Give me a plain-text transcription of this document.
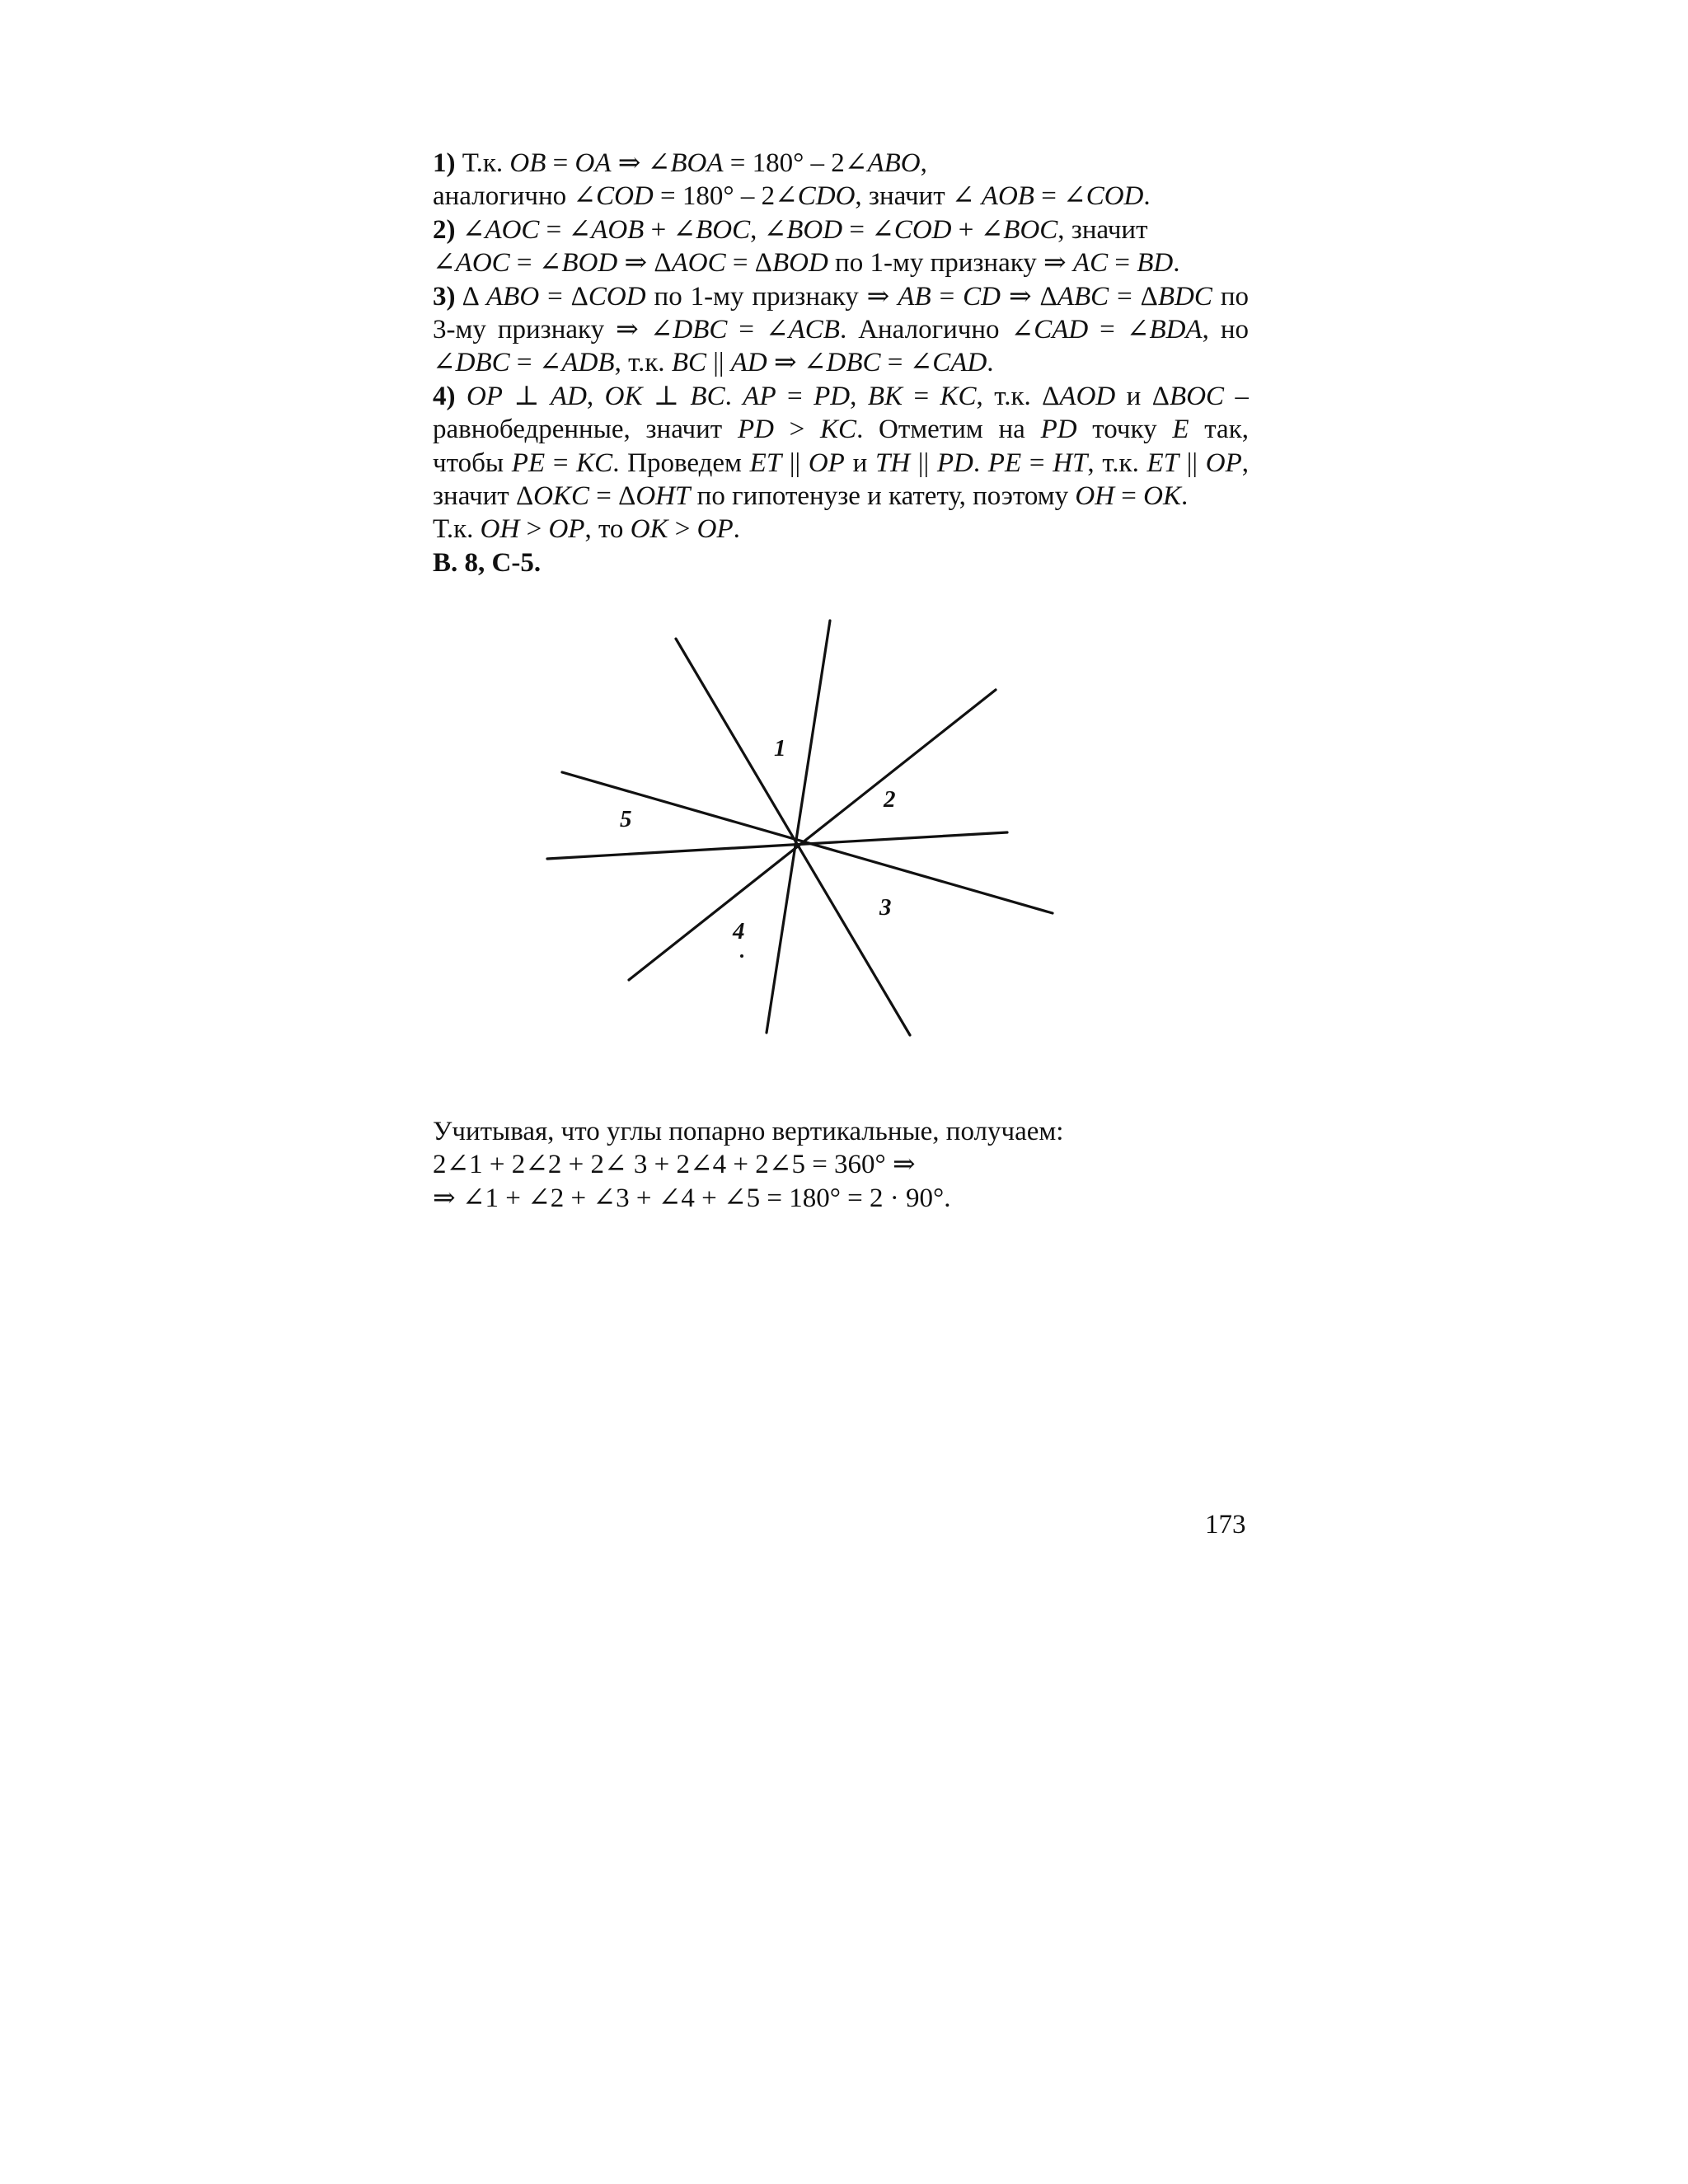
1) Т.к. OB = OA ⇒ ∠BOA = 180° – 2∠ABO,
аналогично ∠COD = 180° – 2∠CDO, значит ∠ AOB = ∠COD.
2) ∠AOC = ∠AOB + ∠BOC, ∠BOD = ∠COD + ∠BOC, значит
∠AOC = ∠BOD ⇒ ΔAOC = ΔBOD по 1-му признаку ⇒ AC = BD.
3) Δ ABO = ΔCOD по 1-му признаку ⇒ AB = CD ⇒ ΔABC = ΔBDC по
3-му признаку ⇒ ∠DBC = ∠ACB. Аналогично ∠CAD = ∠BDA, но
∠DBC = ∠ADB, т.к. BC || AD ⇒ ∠DBC = ∠CAD.
4) OP ⊥ AD, OK ⊥ BC. AP = PD, BK = KC, т.к. ΔAOD и ΔBOC –
равнобедренные, значит PD > KC. Отметим на PD точку E так,
чтобы PE = KC. Проведем ET || OP и TH || PD. PE = HT, т.к. ET || OP,
значит ΔOKC = ΔOHT по гипотенузе и катету, поэтому OH = OK.
Т.к. OH > OP, то OK > OP.
В. 8, С-5.
1
2
3
4
5
Учитывая, что углы попарно вертикальные, получаем:
2∠1 + 2∠2 + 2∠ 3 + 2∠4 + 2∠5 = 360° ⇒
⇒ ∠1 + ∠2 + ∠3 + ∠4 + ∠5 = 180° = 2 · 90°.
173
